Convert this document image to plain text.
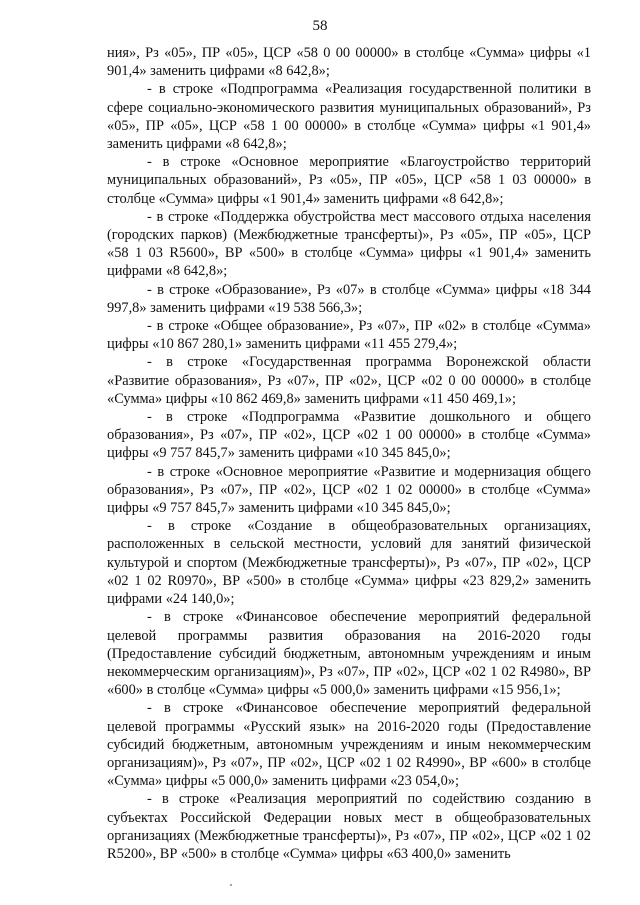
58

ния», Рз «05», ПР «05», ЦСР «58 0 00 00000» в столбце «Сумма» цифры «1 901,4» заменить цифрами «8 642,8»;

- в строке «Подпрограмма «Реализация государственной политики в сфере социально-экономического развития муниципальных образований», Рз «05», ПР «05», ЦСР «58 1 00 00000» в столбце «Сумма» цифры «1 901,4» заменить цифрами «8 642,8»;

- в строке «Основное мероприятие «Благоустройство территорий муниципальных образований», Рз «05», ПР «05», ЦСР «58 1 03 00000» в столбце «Сумма» цифры «1 901,4» заменить цифрами «8 642,8»;

- в строке «Поддержка обустройства мест массового отдыха населения (городских парков) (Межбюджетные трансферты)», Рз «05», ПР «05», ЦСР «58 1 03 R5600», ВР «500» в столбце «Сумма» цифры «1 901,4» заменить цифрами «8 642,8»;

- в строке «Образование», Рз «07» в столбце «Сумма» цифры «18 344 997,8» заменить цифрами «19 538 566,3»;

- в строке «Общее образование», Рз «07», ПР «02» в столбце «Сумма» цифры «10 867 280,1» заменить цифрами «11 455 279,4»;

- в строке «Государственная программа Воронежской области «Развитие образования», Рз «07», ПР «02», ЦСР «02 0 00 00000» в столбце «Сумма» цифры «10 862 469,8» заменить цифрами «11 450 469,1»;

- в строке «Подпрограмма «Развитие дошкольного и общего образования», Рз «07», ПР «02», ЦСР «02 1 00 00000» в столбце «Сумма» цифры «9 757 845,7» заменить цифрами «10 345 845,0»;

- в строке «Основное мероприятие «Развитие и модернизация общего образования», Рз «07», ПР «02», ЦСР «02 1 02 00000» в столбце «Сумма» цифры «9 757 845,7» заменить цифрами «10 345 845,0»;

- в строке «Создание в общеобразовательных организациях, расположенных в сельской местности, условий для занятий физической культурой и спортом (Межбюджетные трансферты)», Рз «07», ПР «02», ЦСР «02 1 02 R0970», ВР «500» в столбце «Сумма» цифры «23 829,2» заменить цифрами «24 140,0»;

- в строке «Финансовое обеспечение мероприятий федеральной целевой программы развития образования на 2016-2020 годы (Предоставление субсидий бюджетным, автономным учреждениям и иным некоммерческим организациям)», Рз «07», ПР «02», ЦСР «02 1 02 R4980», ВР «600» в столбце «Сумма» цифры «5 000,0» заменить цифрами «15 956,1»;

- в строке «Финансовое обеспечение мероприятий федеральной целевой программы «Русский язык» на 2016-2020 годы (Предоставление субсидий бюджетным, автономным учреждениям и иным некоммерческим организациям)», Рз «07», ПР «02», ЦСР «02 1 02 R4990», ВР «600» в столбце «Сумма» цифры «5 000,0» заменить цифрами «23 054,0»;

- в строке «Реализация мероприятий по содействию созданию в субъектах Российской Федерации новых мест в общеобразовательных организациях (Межбюджетные трансферты)», Рз «07», ПР «02», ЦСР «02 1 02 R5200», ВР «500» в столбце «Сумма» цифры «63 400,0» заменить
